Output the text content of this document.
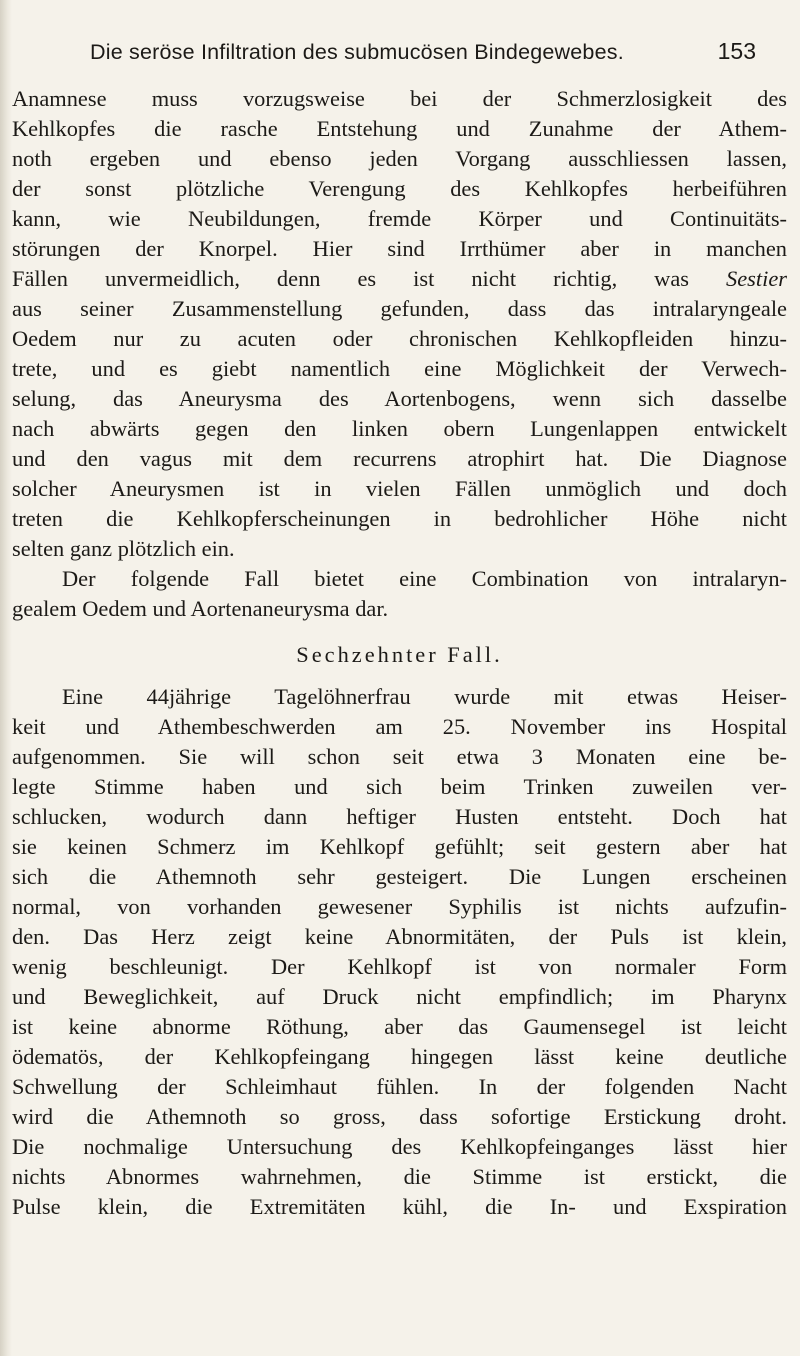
Die seröse Infiltration des submucösen Bindegewebes.	153
Anamnese muss vorzugsweise bei der Schmerzlosigkeit des
Kehlkopfes die rasche Entstehung und Zunahme der Athem-
noth ergeben und ebenso jeden Vorgang ausschliessen lassen,
der sonst plötzliche Verengung des Kehlkopfes herbeiführen
kann, wie Neubildungen, fremde Körper und Continuitäts-
störungen der Knorpel. Hier sind Irrthümer aber in manchen
Fällen unvermeidlich, denn es ist nicht richtig, was Sestier
aus seiner Zusammenstellung gefunden, dass das intralaryngeale
Oedem nur zu acuten oder chronischen Kehlkopfleiden hinzu-
trete, und es giebt namentlich eine Möglichkeit der Verwech-
selung, das Aneurysma des Aortenbogens, wenn sich dasselbe
nach abwärts gegen den linken obern Lungenlappen entwickelt
und den vagus mit dem recurrens atrophirt hat. Die Diagnose
solcher Aneurysmen ist in vielen Fällen unmöglich und doch
treten die Kehlkopferscheinungen in bedrohlicher Höhe nicht
selten ganz plötzlich ein.
Der folgende Fall bietet eine Combination von intralaryn-
gealem Oedem und Aortenaneurysma dar.
Sechzehnter Fall.
Eine 44jährige Tagelöhnerfrau wurde mit etwas Heiser-
keit und Athembeschwerden am 25. November ins Hospital
aufgenommen. Sie will schon seit etwa 3 Monaten eine be-
legte Stimme haben und sich beim Trinken zuweilen ver-
schlucken, wodurch dann heftiger Husten entsteht. Doch hat
sie keinen Schmerz im Kehlkopf gefühlt; seit gestern aber hat
sich die Athemnoth sehr gesteigert. Die Lungen erscheinen
normal, von vorhanden gewesener Syphilis ist nichts aufzufin-
den. Das Herz zeigt keine Abnormitäten, der Puls ist klein,
wenig beschleunigt. Der Kehlkopf ist von normaler Form
und Beweglichkeit, auf Druck nicht empfindlich; im Pharynx
ist keine abnorme Röthung, aber das Gaumensegel ist leicht
ödematös, der Kehlkopfeingang hingegen lässt keine deutliche
Schwellung der Schleimhaut fühlen. In der folgenden Nacht
wird die Athemnoth so gross, dass sofortige Erstickung droht.
Die nochmalige Untersuchung des Kehlkopfeinganges lässt hier
nichts Abnormes wahrnehmen, die Stimme ist erstickt, die
Pulse klein, die Extremitäten kühl, die In- und Exspiration
